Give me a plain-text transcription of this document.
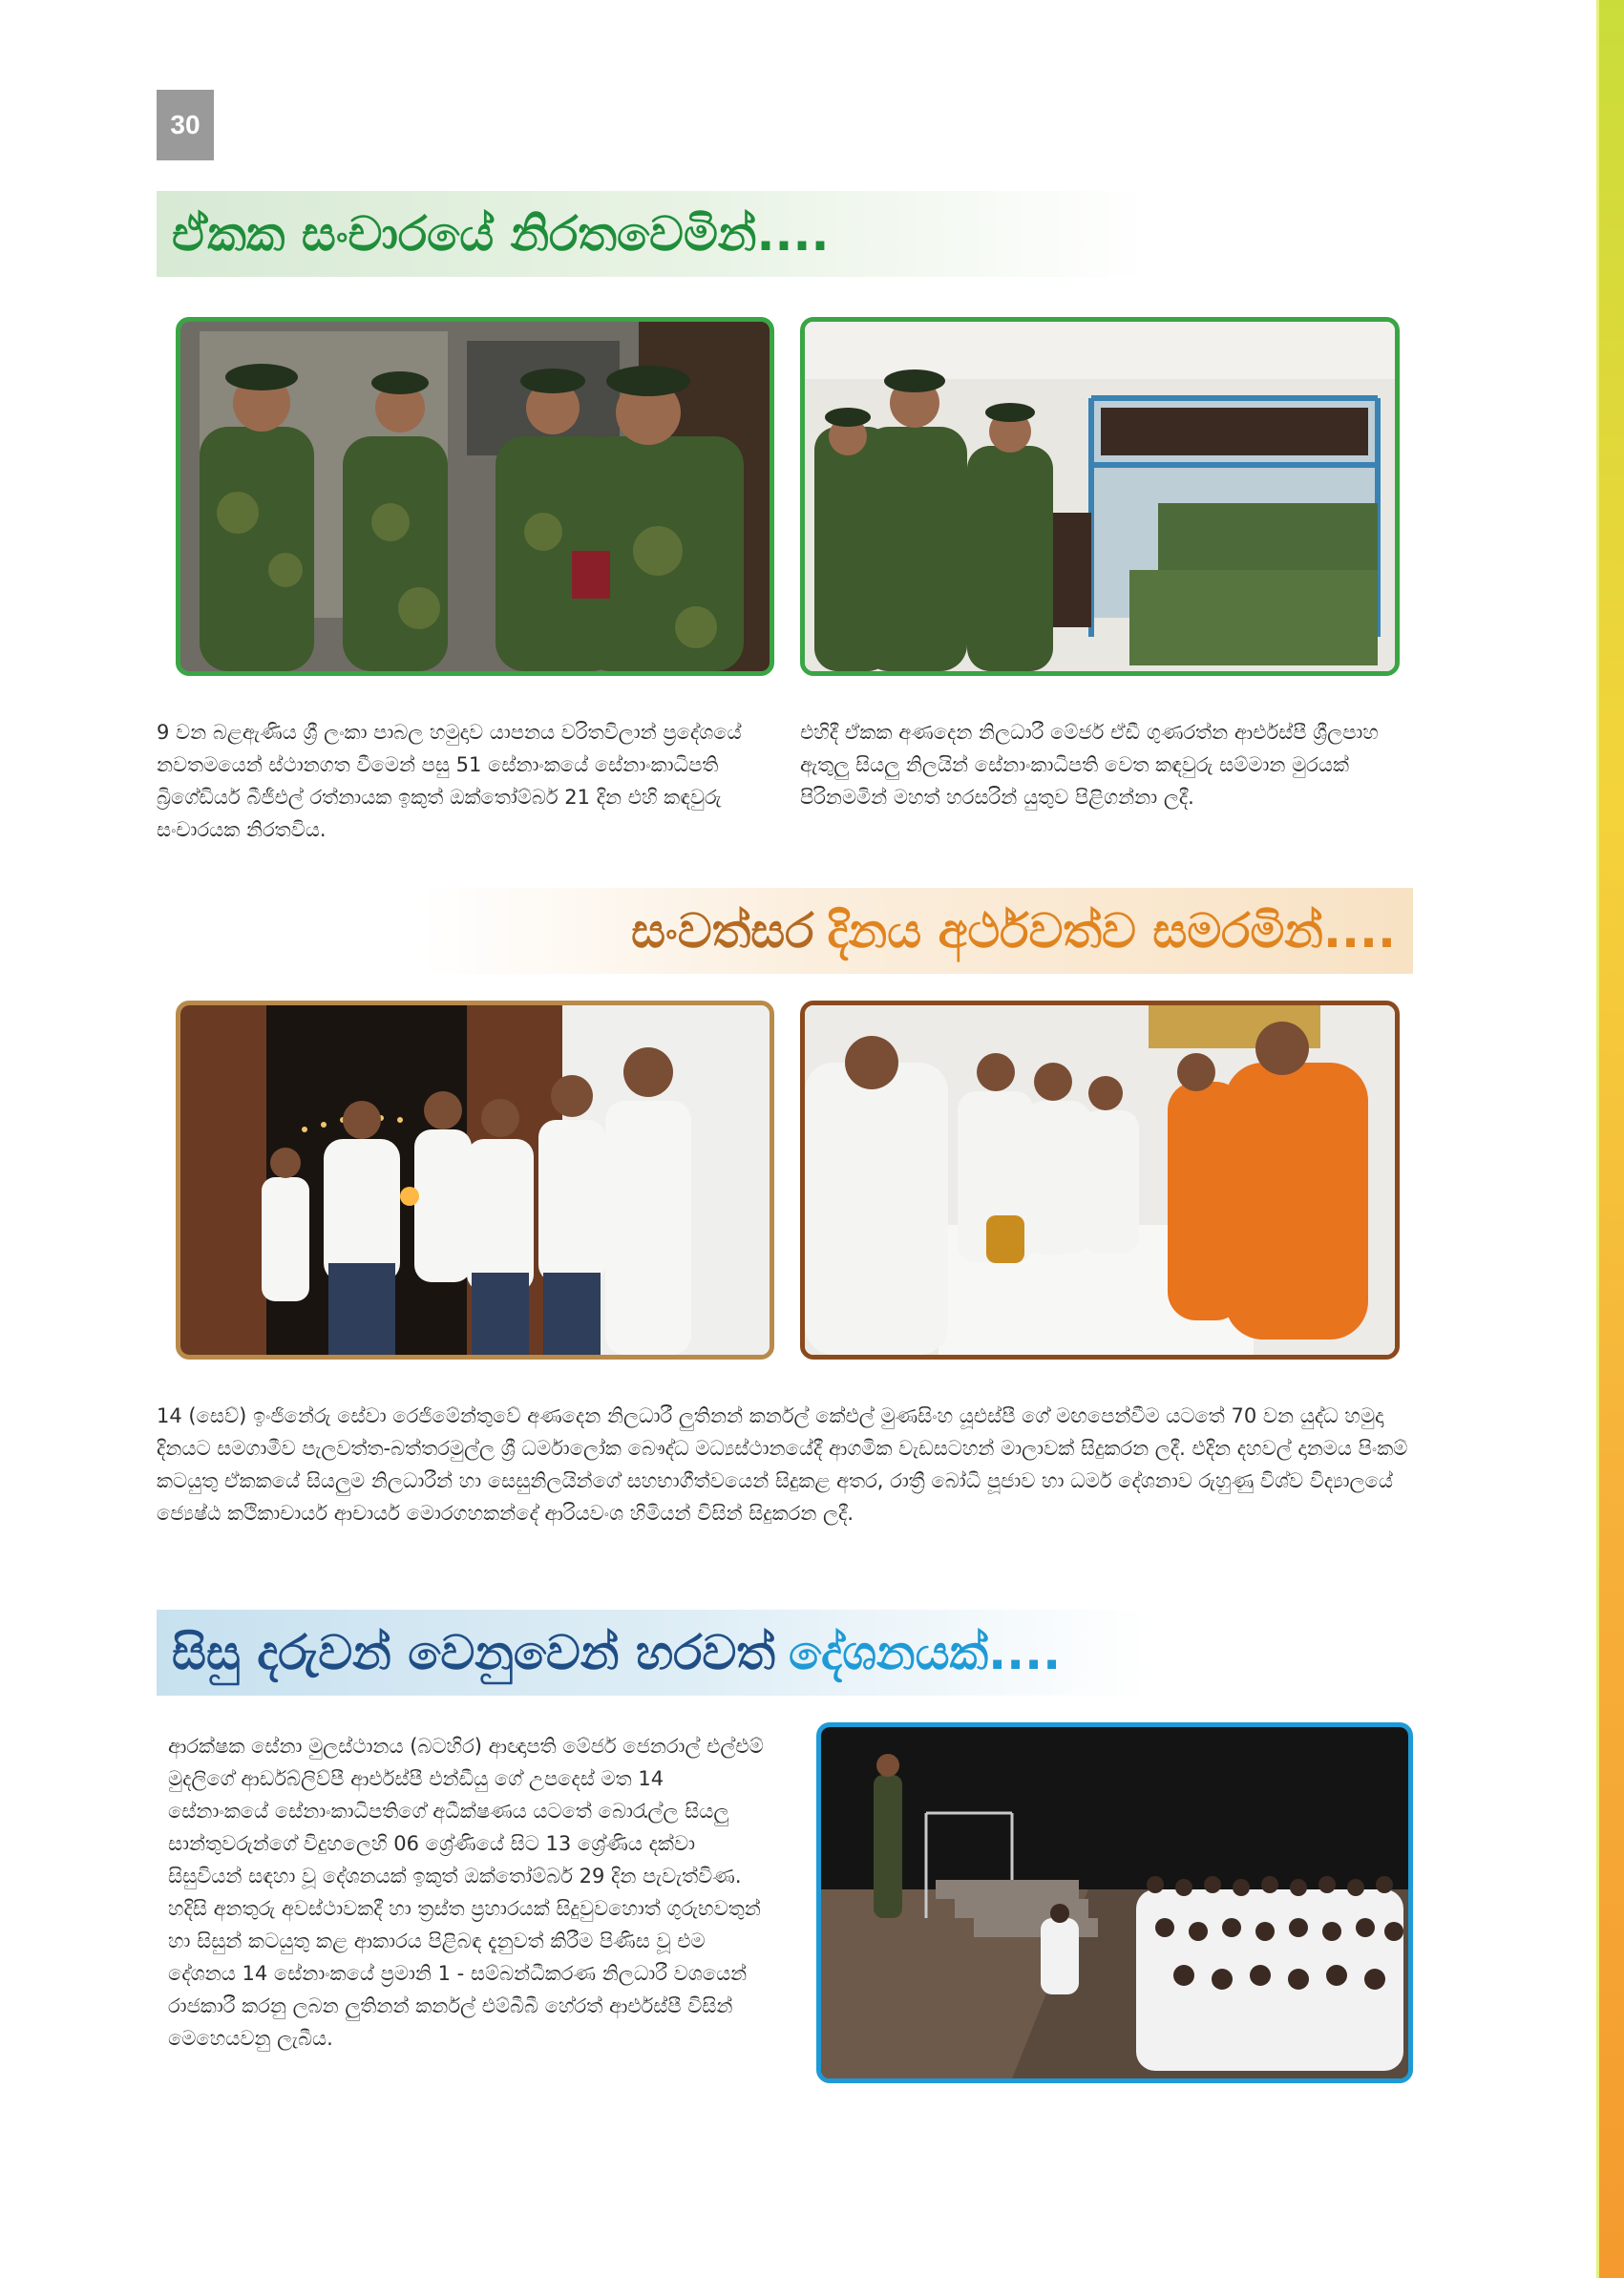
30
ඒකක සංචාරයේ නිරතවෙමින්....

9 වන බළඇණිය ශ්‍රී ලංකා පාබල හමුදාව යාපනය වරිතවිලාන් ප්‍රදේශයේ නවතමයෙන් ස්ථානගත වීමෙන් පසු 51 සේනාංකයේ සේනාංකාධිපති බ්‍රිගේඩියර් බීජීඑල් රත්නායක ඉකුත් ඔක්තෝම්බර් 21 දින එහි කඳවුරු සංචාරයක නිරතවිය.

එහිදී ඒකක අණදෙන නිලධාරී මේජර් ඒඩී ගුණරත්න ආර්එස්පී ශ්‍රීලපාහ ඇතුලු සියලු නිලයින් සේනාංකාධිපති වෙත කඳවුරු සම්මාන මුරයක් පිරිනමමින් මහත් හරසරින් යුතුව පිළිගන්නා ලදී.

සංවත්සර දිනය අර්ථවත්ව සමරමින්....

14 (සෙව්) ඉංජිනේරු සේවා රෙජිමේන්තුවේ අණදෙන නිලධාරී ලුතිනන් කර්නල් කේඑල් මුණසිංහ යූඑස්පී ගේ මඟපෙන්වීම යටතේ 70 වන යුද්ධ හමුදා දිනයට සමගාමීව පැලවත්ත-බත්තරමුල්ල ශ්‍රී ධර්මාලෝක බෞද්ධ මධ්‍යස්ථානයේදී ආගමික වැඩසටහන් මාලාවක් සිදුකරන ලදී. එදින දහවල් දානමය පිංකම් කටයුතු ඒකකයේ සියලුම නිලධාරීන් හා සෙසුනිලයින්ගේ සහභාගීත්වයෙන් සිදුකළ අතර, රාත්‍රී බෝධි පූජාව හා ධර්ම දේශනාව රුහුණු විශ්ව විද්‍යාලයේ ජ්‍යෙෂ්ඨ කථිකාචාර්ය ආචාර්ය මොරගහකන්දේ ආරියවංශ හිමියන් විසින් සිදුකරන ලදී.

සිසු දරුවන් වෙනුවෙන් හරවත් දේශනයක්....

ආරක්ෂක සේනා මුලස්ථානය (බටහිර) ආඥාපති මේජර් ජෙනරාල් එල්එම් මුදලිගේ ආර්ඩබ්ලිව්පී ආර්එස්පී එන්ඩීයු ගේ උපදෙස් මත 14 සේනාංකයේ සේනාංකාධිපතිගේ අධීක්ෂණය යටතේ බොරැල්ල සියලු සාන්තුවරුන්ගේ විදුහලෙහි 06 ශ්‍රේණියේ සිට 13 ශ්‍රේණිය දක්වා සිසුවියන් සඳහා වූ දේශනයක් ඉකුත් ඔක්තෝම්බර් 29 දින පැවැත්විණ. හදිසි අනතුරු අවස්ථාවකදී හා ත්‍රස්ත ප්‍රහාරයක් සිදුවුවහොත් ගුරුභවතුන් හා සිසුන් කටයුතු කළ ආකාරය පිළිබඳ දැනුවත් කිරීම පිණිස වූ එම දේශනය 14 සේනාංකයේ ප්‍රමානි 1 - සම්බන්ධීකරණ නිලධාරී වශයෙන් රාජකාරී කරනු ලබන ලුතිනන් කර්නල් එම්බීබී හේරත් ආර්එස්පී විසින් මෙහෙයවනු ලැබීය.
